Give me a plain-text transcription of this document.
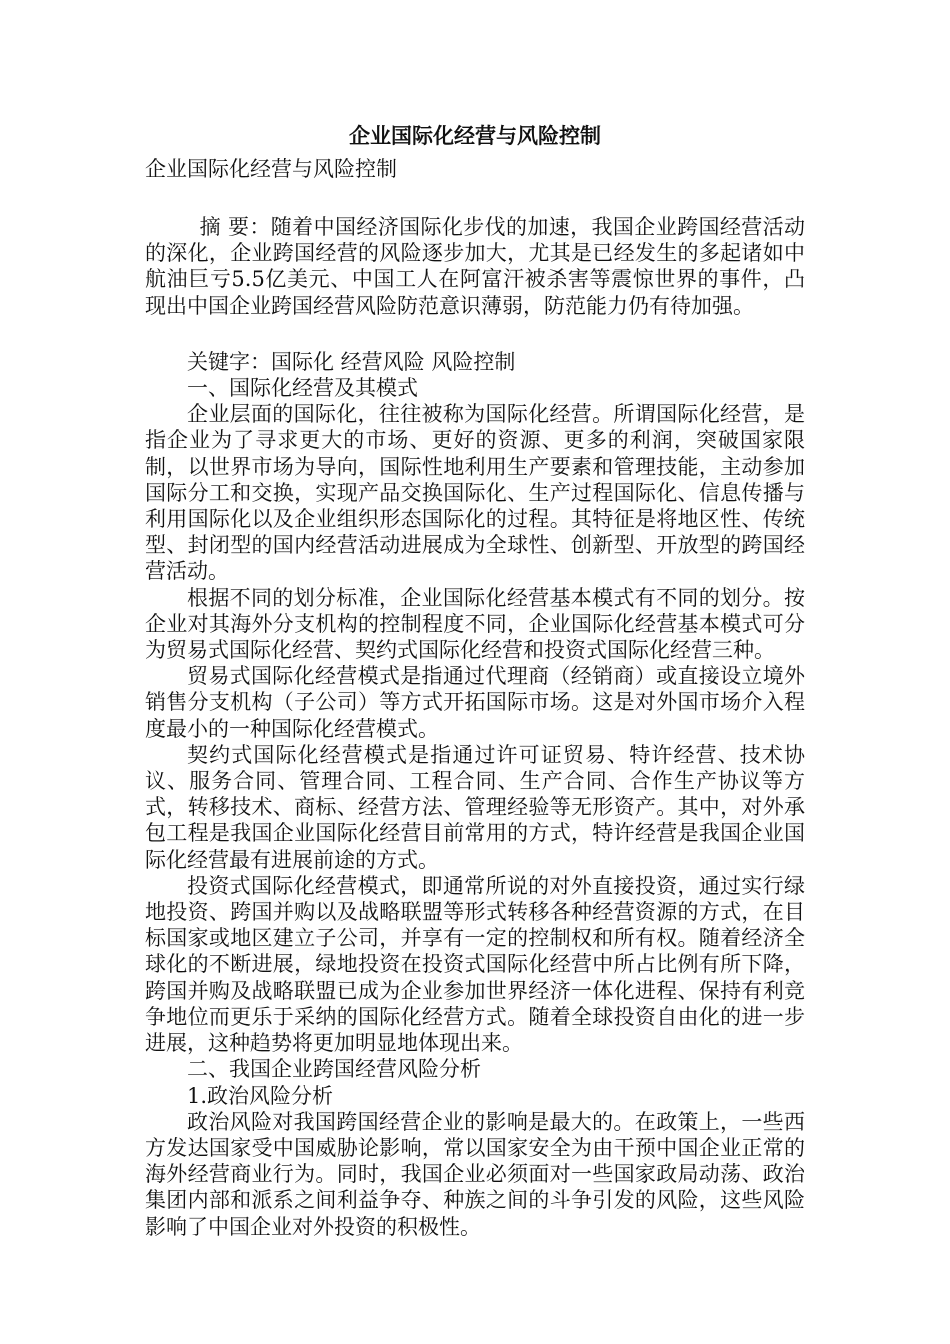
企业国际化经营与风险控制

企业国际化经营与风险控制

摘 要：随着中国经济国际化步伐的加速，我国企业跨国经营活动的深化，企业跨国经营的风险逐步加大，尤其是已经发生的多起诸如中航油巨亏5.5亿美元、中国工人在阿富汗被杀害等震惊世界的事件，凸现出中国企业跨国经营风险防范意识薄弱，防范能力仍有待加强。

关键字：国际化 经营风险 风险控制

一、国际化经营及其模式

企业层面的国际化，往往被称为国际化经营。所谓国际化经营，是指企业为了寻求更大的市场、更好的资源、更多的利润，突破国家限制，以世界市场为导向，国际性地利用生产要素和管理技能，主动参加国际分工和交换，实现产品交换国际化、生产过程国际化、信息传播与利用国际化以及企业组织形态国际化的过程。其特征是将地区性、传统型、封闭型的国内经营活动进展成为全球性、创新型、开放型的跨国经营活动。

根据不同的划分标准，企业国际化经营基本模式有不同的划分。按企业对其海外分支机构的控制程度不同，企业国际化经营基本模式可分为贸易式国际化经营、契约式国际化经营和投资式国际化经营三种。

贸易式国际化经营模式是指通过代理商（经销商）或直接设立境外销售分支机构（子公司）等方式开拓国际市场。这是对外国市场介入程度最小的一种国际化经营模式。

契约式国际化经营模式是指通过许可证贸易、特许经营、技术协议、服务合同、管理合同、工程合同、生产合同、合作生产协议等方式，转移技术、商标、经营方法、管理经验等无形资产。其中，对外承包工程是我国企业国际化经营目前常用的方式，特许经营是我国企业国际化经营最有进展前途的方式。

投资式国际化经营模式，即通常所说的对外直接投资，通过实行绿地投资、跨国并购以及战略联盟等形式转移各种经营资源的方式，在目标国家或地区建立子公司，并享有一定的控制权和所有权。随着经济全球化的不断进展，绿地投资在投资式国际化经营中所占比例有所下降，跨国并购及战略联盟已成为企业参加世界经济一体化进程、保持有利竞争地位而更乐于采纳的国际化经营方式。随着全球投资自由化的进一步进展，这种趋势将更加明显地体现出来。

二、我国企业跨国经营风险分析

1.政治风险分析

政治风险对我国跨国经营企业的影响是最大的。在政策上，一些西方发达国家受中国威胁论影响，常以国家安全为由干预中国企业正常的海外经营商业行为。同时，我国企业必须面对一些国家政局动荡、政治集团内部和派系之间利益争夺、种族之间的斗争引发的风险，这些风险影响了中国企业对外投资的积极性。
